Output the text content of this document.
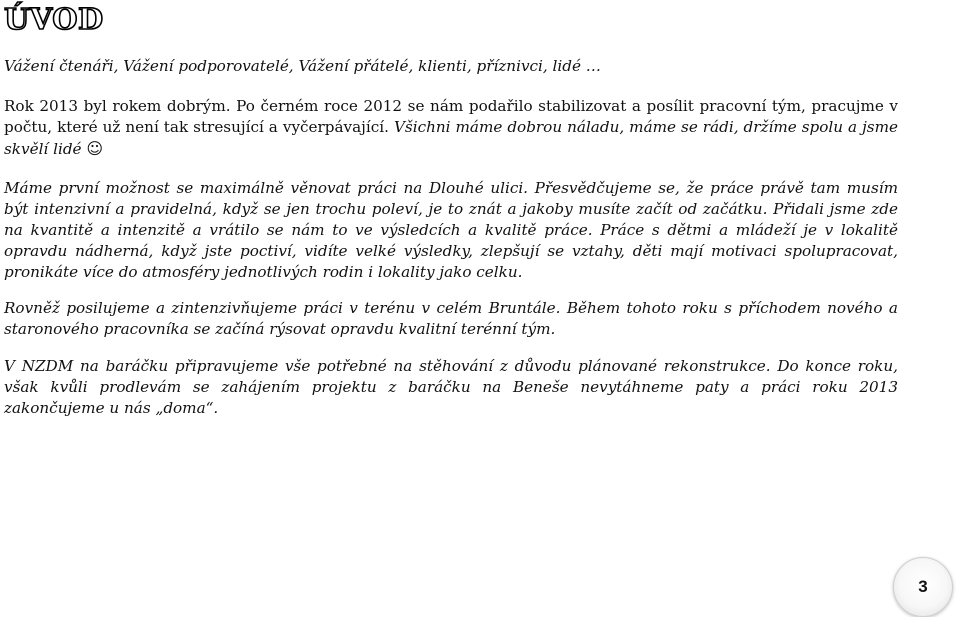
ÚVOD

Vážení čtenáři, Vážení podporovatelé, Vážení přátelé, klienti, příznivci, lidé …

Rok 2013 byl rokem dobrým. Po černém roce 2012 se nám podařilo stabilizovat a posílit pracovní tým, pracujme v počtu, které už není tak stresující a vyčerpávající. Všichni máme dobrou náladu, máme se rádi, držíme spolu a jsme skvělí lidé ☺

Máme první možnost se maximálně věnovat práci na Dlouhé ulici. Přesvědčujeme se, že práce právě tam musím být intenzivní a pravidelná, když se jen trochu poleví, je to znát a jakoby musíte začít od začátku. Přidali jsme zde na kvantitě a intenzitě a vrátilo se nám to ve výsledcích a kvalitě práce. Práce s dětmi a mládeží je v lokalitě opravdu nádherná, když jste poctiví, vidíte velké výsledky, zlepšují se vztahy, děti mají motivaci spolupracovat, pronikáte více do atmosféry jednotlivých rodin i lokality jako celku.

Rovněž posilujeme a zintenzivňujeme práci v terénu v celém Bruntále. Během tohoto roku s příchodem nového a staronového pracovníka se začíná rýsovat opravdu kvalitní terénní tým.

V NZDM na baráčku připravujeme vše potřebné na stěhování z důvodu plánované rekonstrukce. Do konce roku, však kvůli prodlevám se zahájením projektu z baráčku na Beneše nevytáhneme paty a práci roku 2013 zakončujeme u nás „doma“.

3
